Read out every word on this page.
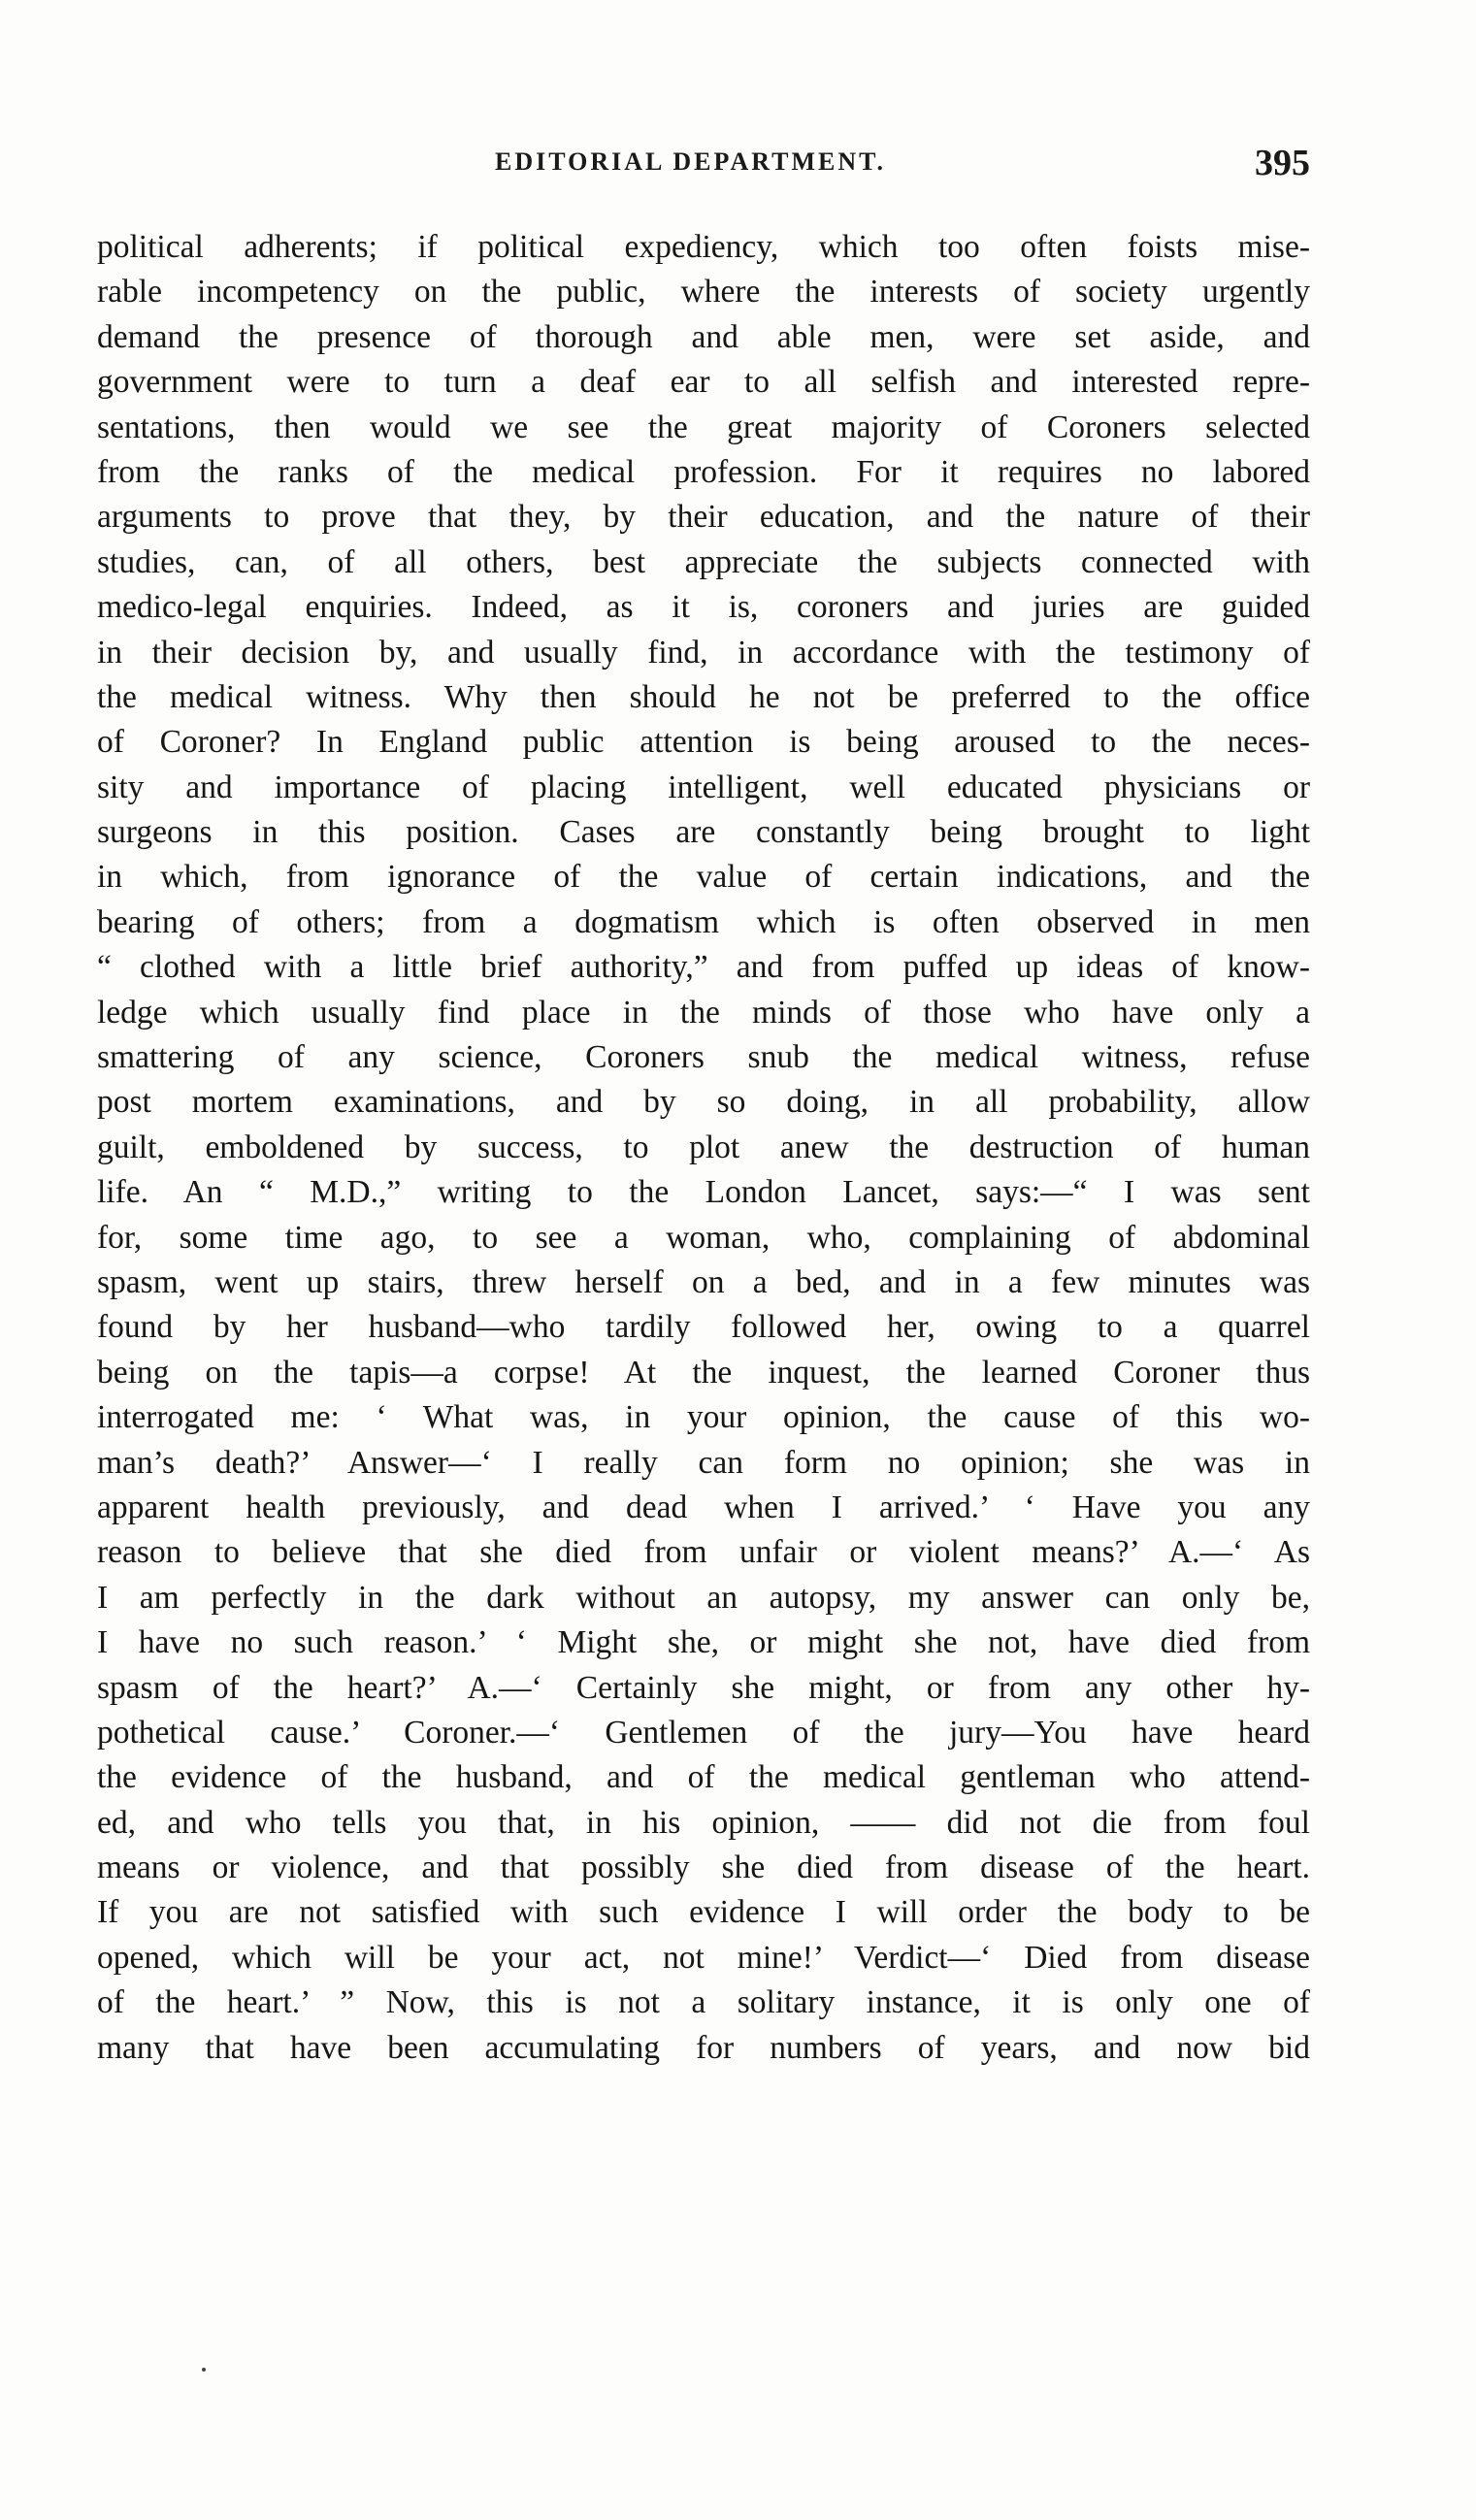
EDITORIAL DEPARTMENT.	395
political adherents; if political expediency, which too often foists mise-
rable incompetency on the public, where the interests of society urgently
demand the presence of thorough and able men, were set aside, and
government were to turn a deaf ear to all selfish and interested repre-
sentations, then would we see the great majority of Coroners selected
from the ranks of the medical profession. For it requires no labored
arguments to prove that they, by their education, and the nature of their
studies, can, of all others, best appreciate the subjects connected with
medico-legal enquiries. Indeed, as it is, coroners and juries are guided
in their decision by, and usually find, in accordance with the testimony of
the medical witness. Why then should he not be preferred to the office
of Coroner? In England public attention is being aroused to the neces-
sity and importance of placing intelligent, well educated physicians or
surgeons in this position. Cases are constantly being brought to light
in which, from ignorance of the value of certain indications, and the
bearing of others; from a dogmatism which is often observed in men
“ clothed with a little brief authority,” and from puffed up ideas of know-
ledge which usually find place in the minds of those who have only a
smattering of any science, Coroners snub the medical witness, refuse
post mortem examinations, and by so doing, in all probability, allow
guilt, emboldened by success, to plot anew the destruction of human
life. An “ M.D.,” writing to the London Lancet, says:—“ I was sent
for, some time ago, to see a woman, who, complaining of abdominal
spasm, went up stairs, threw herself on a bed, and in a few minutes was
found by her husband—who tardily followed her, owing to a quarrel
being on the tapis—a corpse! At the inquest, the learned Coroner thus
interrogated me: ‘ What was, in your opinion, the cause of this wo-
man’s death?’ Answer—‘ I really can form no opinion; she was in
apparent health previously, and dead when I arrived.’ ‘ Have you any
reason to believe that she died from unfair or violent means?’ A.—‘ As
I am perfectly in the dark without an autopsy, my answer can only be,
I have no such reason.’ ‘ Might she, or might she not, have died from
spasm of the heart?’ A.—‘ Certainly she might, or from any other hy-
pothetical cause.’ Coroner.—‘ Gentlemen of the jury—You have heard
the evidence of the husband, and of the medical gentleman who attend-
ed, and who tells you that, in his opinion, —— did not die from foul
means or violence, and that possibly she died from disease of the heart.
If you are not satisfied with such evidence I will order the body to be
opened, which will be your act, not mine!’ Verdict—‘ Died from disease
of the heart.’ ” Now, this is not a solitary instance, it is only one of
many that have been accumulating for numbers of years, and now bid
